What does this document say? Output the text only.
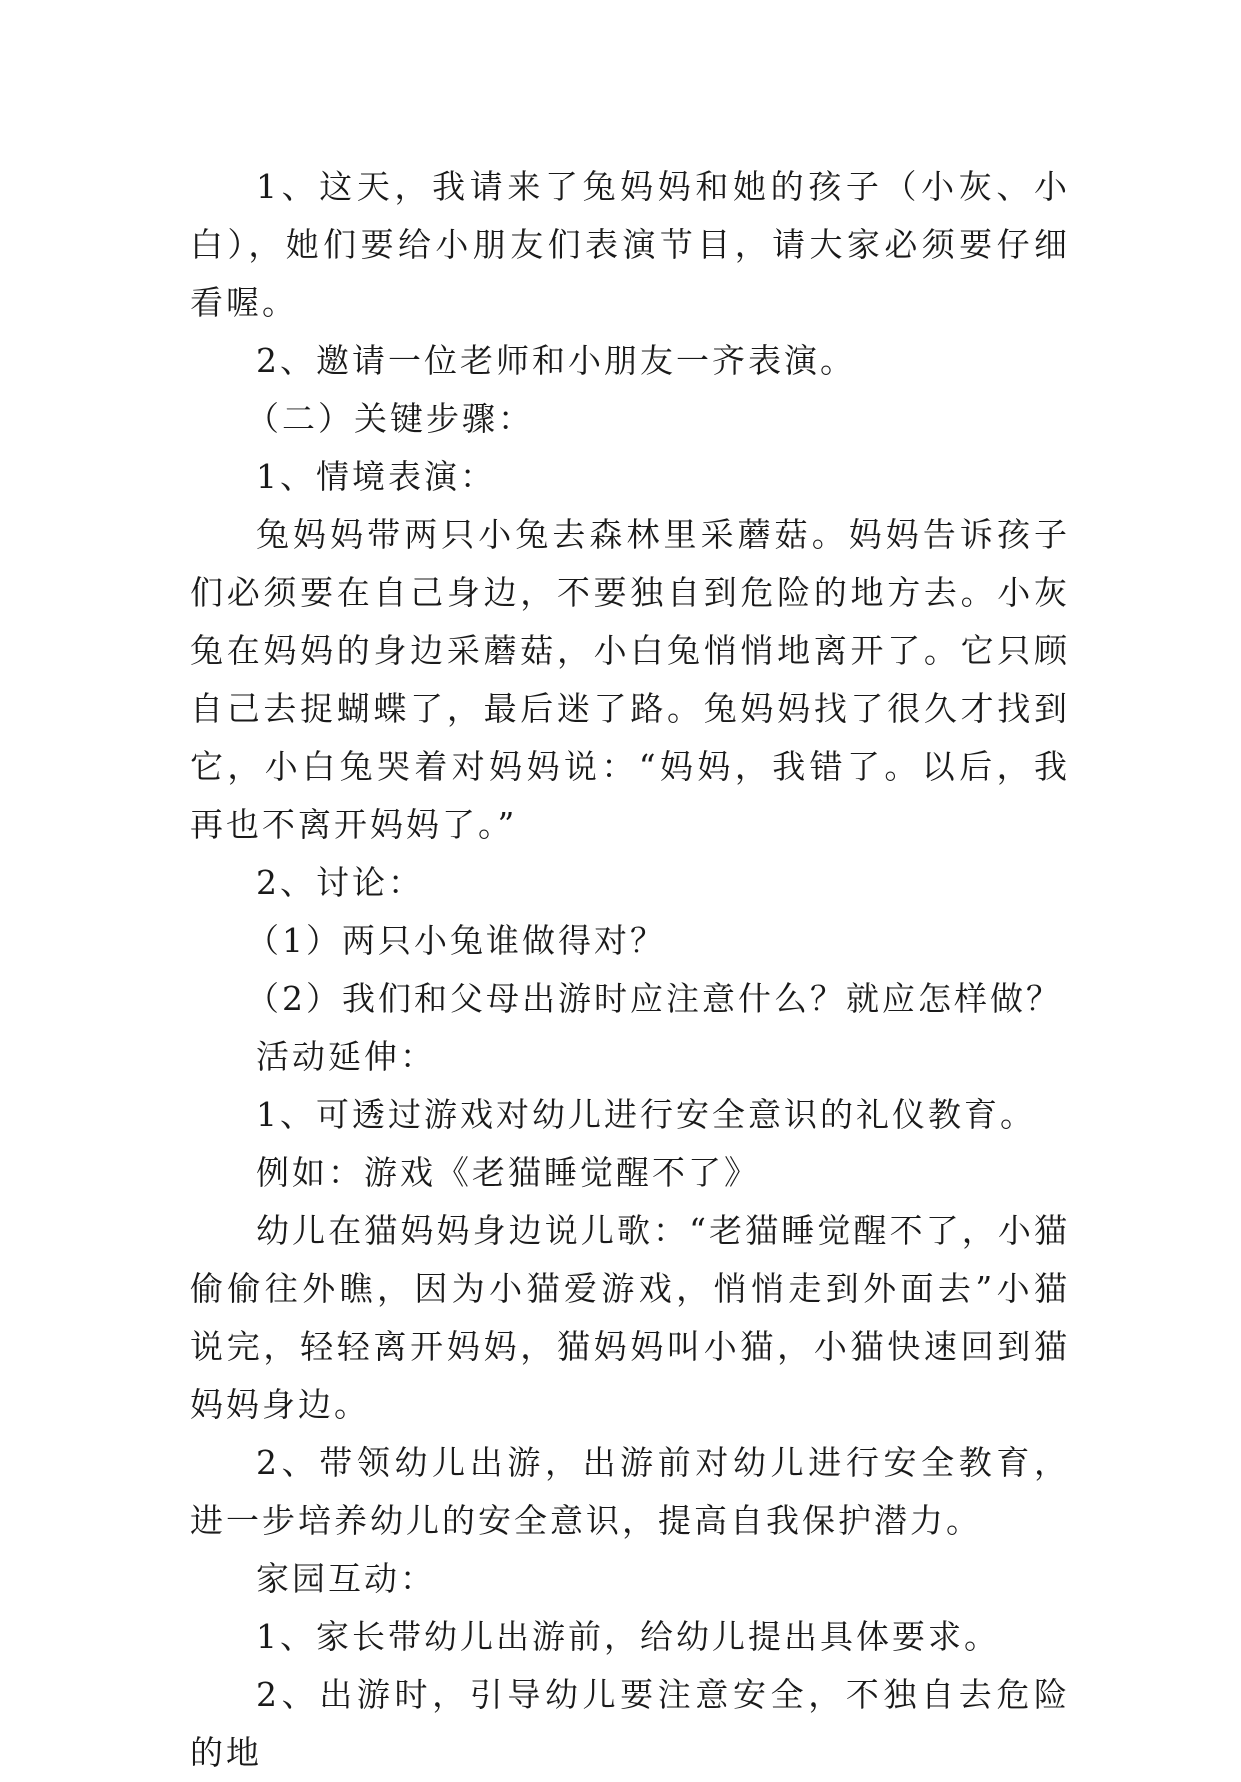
1、这天，我请来了兔妈妈和她的孩子（小灰、小白），她们要给小朋友们表演节目，请大家必须要仔细看喔。

2、邀请一位老师和小朋友一齐表演。

（二）关键步骤：

1、情境表演：

兔妈妈带两只小兔去森林里采蘑菇。妈妈告诉孩子们必须要在自己身边，不要独自到危险的地方去。小灰兔在妈妈的身边采蘑菇，小白兔悄悄地离开了。它只顾自己去捉蝴蝶了，最后迷了路。兔妈妈找了很久才找到它，小白兔哭着对妈妈说：“妈妈，我错了。以后，我再也不离开妈妈了。”

2、讨论：

（1）两只小兔谁做得对？

（2）我们和父母出游时应注意什么？就应怎样做？

活动延伸：

1、可透过游戏对幼儿进行安全意识的礼仪教育。

例如：游戏《老猫睡觉醒不了》

幼儿在猫妈妈身边说儿歌：“老猫睡觉醒不了，小猫偷偷往外瞧，因为小猫爱游戏，悄悄走到外面去”小猫说完，轻轻离开妈妈，猫妈妈叫小猫，小猫快速回到猫妈妈身边。

2、带领幼儿出游，出游前对幼儿进行安全教育，进一步培养幼儿的安全意识，提高自我保护潜力。

家园互动：

1、家长带幼儿出游前，给幼儿提出具体要求。

2、出游时，引导幼儿要注意安全，不独自去危险的地
